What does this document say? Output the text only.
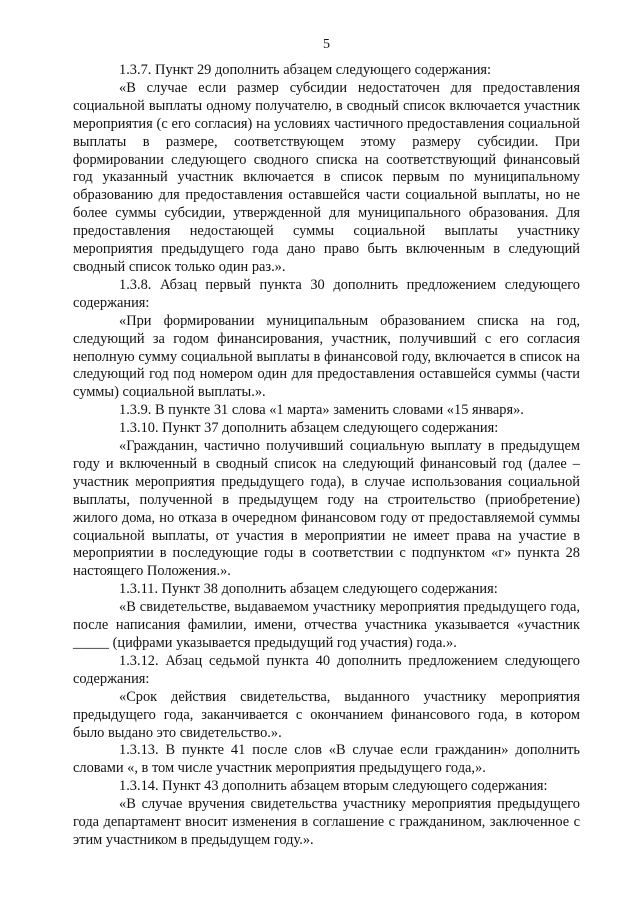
5

1.3.7. Пункт 29 дополнить абзацем следующего содержания:

«В случае если размер субсидии недостаточен для предоставления социальной выплаты одному получателю, в сводный список включается участник мероприятия (с его согласия) на условиях частичного предоставления социальной выплаты в размере, соответствующем этому размеру субсидии. При формировании следующего сводного списка на соответствующий финансовый год указанный участник включается в список первым по муниципальному образованию для предоставления оставшейся части социальной выплаты, но не более суммы субсидии, утвержденной для муниципального образования. Для предоставления недостающей суммы социальной выплаты участнику мероприятия предыдущего года дано право быть включенным в следующий сводный список только один раз.».

1.3.8. Абзац первый пункта 30 дополнить предложением следующего содержания:

«При формировании муниципальным образованием списка на год, следующий за годом финансирования, участник, получивший с его согласия неполную сумму социальной выплаты в финансовой году, включается в список на следующий год под номером один для предоставления оставшейся суммы (части суммы) социальной выплаты.».

1.3.9. В пункте 31 слова «1 марта» заменить словами «15 января».

1.3.10. Пункт 37 дополнить абзацем следующего содержания:

«Гражданин, частично получивший социальную выплату в предыдущем году и включенный в сводный список на следующий финансовый год (далее – участник мероприятия предыдущего года), в случае использования социальной выплаты, полученной в предыдущем году на строительство (приобретение) жилого дома, но отказа в очередном финансовом году от предоставляемой суммы социальной выплаты, от участия в мероприятии не имеет права на участие в мероприятии в последующие годы в соответствии с подпунктом «г» пункта 28 настоящего Положения.».

1.3.11. Пункт 38 дополнить абзацем следующего содержания:

«В свидетельстве, выдаваемом участнику мероприятия предыдущего года, после написания фамилии, имени, отчества участника указывается «участник _____ (цифрами указывается предыдущий год участия) года.».

1.3.12. Абзац седьмой пункта 40 дополнить предложением следующего содержания:

«Срок действия свидетельства, выданного участнику мероприятия предыдущего года, заканчивается с окончанием финансового года, в котором было выдано это свидетельство.».

1.3.13. В пункте 41 после слов «В случае если гражданин» дополнить словами «, в том числе участник мероприятия предыдущего года,».

1.3.14. Пункт 43 дополнить абзацем вторым следующего содержания:

«В случае вручения свидетельства участнику мероприятия предыдущего года департамент вносит изменения в соглашение с гражданином, заключенное с этим участником в предыдущем году.».
